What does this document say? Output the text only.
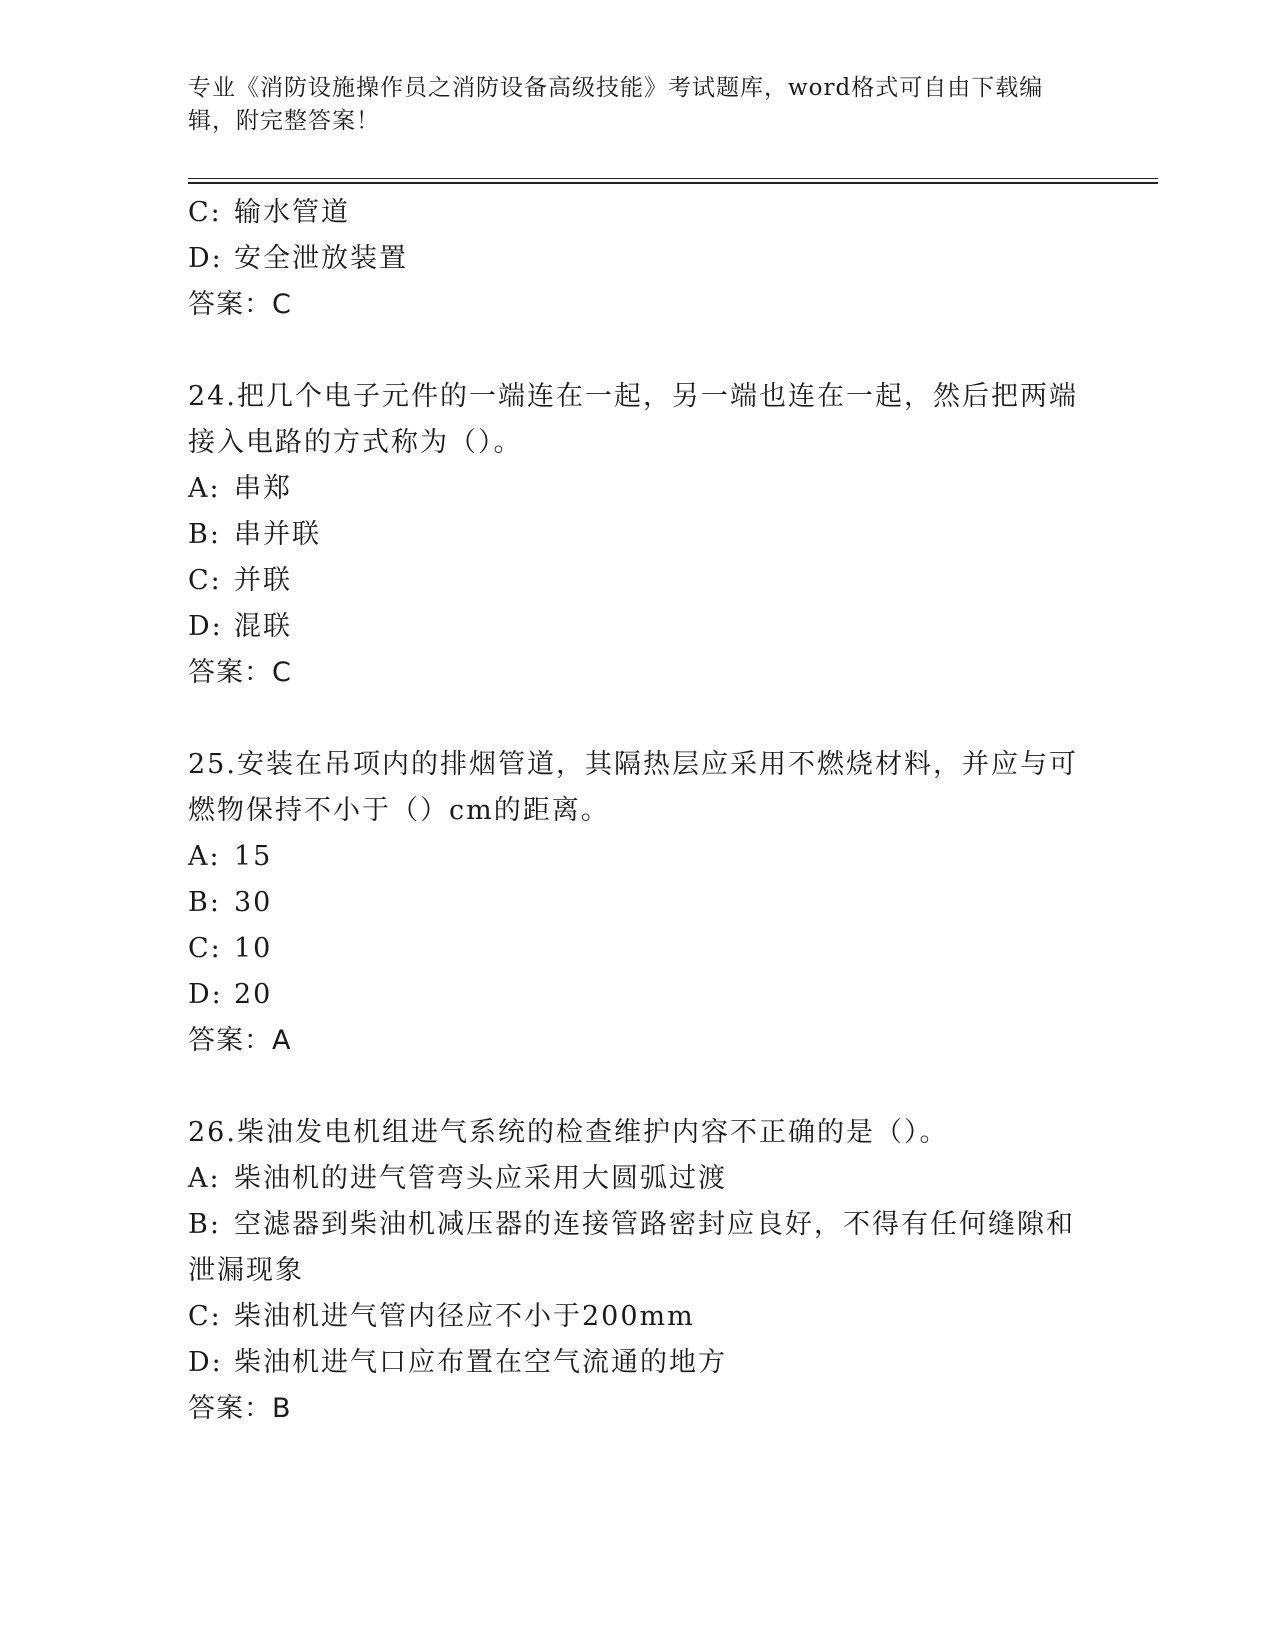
专业《消防设施操作员之消防设备高级技能》考试题库，word格式可自由下载编辑，附完整答案！

C: 输水管道

D: 安全泄放装置

答案：C

24.把几个电子元件的一端连在一起，另一端也连在一起，然后把两端

接入电路的方式称为（）。

A: 串郑

B: 串并联

C: 并联

D: 混联

答案：C

25.安装在吊项内的排烟管道，其隔热层应采用不燃烧材料，并应与可

燃物保持不小于（）cm的距离。

A: 15

B: 30

C: 10

D: 20

答案：A

26.柴油发电机组进气系统的检查维护内容不正确的是（）。

A: 柴油机的进气管弯头应采用大圆弧过渡

B: 空滤器到柴油机减压器的连接管路密封应良好，不得有任何缝隙和

泄漏现象

C: 柴油机进气管内径应不小于200mm

D: 柴油机进气口应布置在空气流通的地方

答案：B
